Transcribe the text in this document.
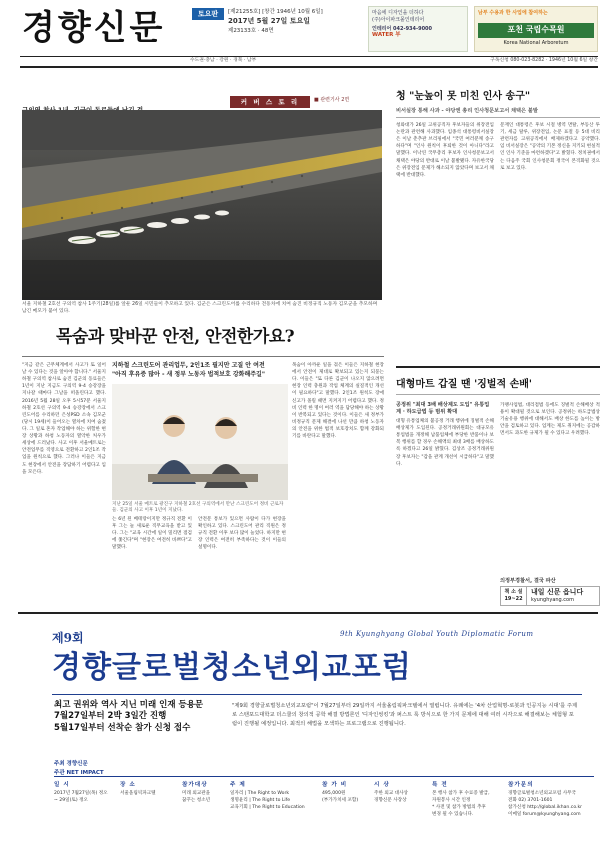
경향신문	토요판	[제21255호] [창간 1946년 10월 6일]
2017년 5월 27일 토요일
제23133호 · 48면
마음에 디자인을 더하다
(주)아이파크몰인테리어
인테리어 042-934-9000
WATER 부
남부 수용과 한 사업에 참여하는
포천 국립수목원
Korea National Arboretum
수도권·충남 · 강원 · 경북 · 남부	구독신청 080-023-8282 · 1946년 10월 6일 창간
커 버 스 토 리	■ 관련기사 2면
서울 지하철 2호선 구의역 참사 1주기(28일)를 앞둔 26일 시민들이 추모하고 있다. 김군은 스크린도어를 수리하다 전동차에 치여 숨진 비정규직 노동자 김모군을 추모하며 남긴 메모가 붙어 있다.
목숨과 맞바꾼 안전, 안전한가요?
"지금 같은 근무체계에서 사고가 또 일어날 수 있다는 것을 알아야 합니다." 서울지하철 구의역 참사로 숨진 김군의 동료들은 1년이 지난 지금도 구의역 9-4 승강장을 지나갈 때마다 그날을 떠올린다고 했다. 2016년 5월 28일 오후 5시57분 서울지하철 2호선 구의역 9-4 승강장에서 스크린도어를 수리하던 은성PSD 소속 김모군(당시 19세)이 들어오는 열차에 치여 숨졌다. 그 일로 혼자 작업해야 하는 위험한 현장 상황과 하청 노동자의 열악한 처우가 세상에 드러났다. 사고 이후 서울메트로는 안전업무를 직영으로 전환하고 2인1조 작업을 원칙으로 했다. 그러나 이들은 지금도 현장에서 안전을 장담하기 어렵다고 입을 모은다.
지하철 스크린도어 관리업무, 2인1조 필지만 고질 안 여전
"아직 후유증 많아 - 새 정부 노동자 법적보호 강화해주길"
지난 25일 서울 메트로 광진구 지하철 2호선 구의역에서 만난 스크린도어 정비 근로자들. 김군의 사고 이후 1년이 지났다.
는 6년 된 베테랑이지만 정규직 전환 이후 그는 늘 새로운 직무교육을 받고 있다. 그는 "교육 시간에 일이 밀리면 점검에 쫓긴다"며 "현장은 여전히 바쁘다"고 말했다.
안전문 통보가 있으면 사람이 다가 현장을 확인하고 있다. 스크린도어 관리 직원은 정규직 전환 이후 보다 많이 늘었다. 하지만 현장 인력은 여전히 부족하다는 것이 이들의 설명이다.
목숨이 아까운 일을 겪은 이들은 지하철 현장에서 안전이 제대로 확보되고 있는지 되묻는다. 이들은 "또 다른 김군이 나오지 않으려면 현장 인력 충원과 작업 체계의 실질적인 개선이 필요하다"고 말했다. 2인1조 원칙도 장애 신고가 몰릴 때면 지켜지기 어렵다고 했다. 정비 인력 한 명이 여러 역을 담당해야 하는 상황이 반복되고 있다는 것이다. 이들은 새 정부가 비정규직 문제 해결에 나선 만큼 하청 노동자의 안전을 위한 법적 보호장치도 함께 강화되기를 바란다고 말했다.
청 "눈높이 못 미친 인사 송구"
비서실장 통해 사과 - 야당엔 총리 인사청문보고서 채택은 불발
청와대가 26일 고위공직자 후보자들의 위장전입 논란과 관련해 사과했다. 임종석 대통령비서실장은 이날 춘추관 브리핑에서 "국민 여러분께 송구하다"며 "인사 원칙이 후퇴한 것이 아니다"라고 말했다. 이낙연 국무총리 후보자 인사청문보고서 채택은 야당의 반대로 이날 불발됐다. 자유한국당은 위장전입 문제가 해소되지 않았다며 보고서 채택에 반대했다.
문재인 대통령은 후보 시절 병역 면탈, 부동산 투기, 세금 탈루, 위장전입, 논문 표절 등 5대 비리 관련자를 고위공직에서 배제하겠다고 공약했다. 임 비서실장은 "공약의 기본 정신을 지키되 현실적인 인사 기준을 마련하겠다"고 밝혔다. 정치권에서는 다음주 국회 인사청문회 정국이 본격화될 것으로 보고 있다.
대형마트 갑질 땐 '징벌적 손배'
공정위 "최대 3배 배상제도 도입" 유통업계 · 하도급법 등 범위 확대
대형 유통업체의 불공정 거래 행위에 징벌적 손해배상제가 도입된다. 공정거래위원회는 대규모유통업법을 개정해 납품업체에 부당한 반품이나 보복 행위를 할 경우 손해액의 최대 3배를 배상하도록 하겠다고 26일 밝혔다. 김상조 공정거래위원장 후보자는 "갑을 관계 개선이 시급하다"고 말했다.
가맹사업법, 대리점법 등에도 징벌적 손해배상 적용이 확대될 것으로 보인다. 공정위는 하도급법상 기술유용 행위에 대해서도 배상 한도를 높이는 방안을 검토하고 있다. 업계는 제도 취지에는 공감하면서도 과도한 규제가 될 수 있다고 우려했다.
의정부경찰서, 결국 파산
책 소 설
19~22
내일 신문 읍니다
kyunghyang.com
제9회	9th Kyunghyang Global Youth Diplomatic Forum
경향글로벌청소년외교포럼
최고 권위와 역사 지닌 미래 인재 등용문
7월27일부터 2박 3일간 진행
5월17일부터 선착순 참가 신청 접수
"제9회 경향글로벌청소년외교포럼"이 7월27일부터 29일까지 서울올림픽파크텔에서 열립니다. 유례에는 '4차 산업혁명-로봇과 인공지능 시대'를 주제로 스탠포드대학교 더스쿨의 창의적 공학 해결 방법론인 '디자인씽킹'과 퍼스트 룩 방식으로 한 가지 문제에 대해 여러 시각으로 해결해보는 체험형 포럼이 진행될 예정입니다. 최적의 해법을 모색하는 프로그램으로 진행됩니다.
주최 경향신문
주관 NET IMPACT
일 시
2017년 7월27일(목) 정오
~ 29일(토) 정오
장 소
서울올림픽파크텔
참가대상
미래 외교관을
꿈꾸는 청소년
주 제
일자리 | The Right to Work
생명윤리 | The Right to Life
교육기회 | The Right to Education
참 가 비
495,000원
(부가가치세 포함)
시 상
주한 외교 대사상
경향신문 사장상
특 전
본 행사 참가 후 수료증 발급,
자원봉사 시간 인정
* 사전 및 참가 방법의 추후
변경 될 수 있습니다.
참가문의
경향글로벌청소년외교포럼 사무국
전화 02) 3701-1601
참가신청 http://global.ikhan.co.kr
이메일 forum@kyunghyang.com
